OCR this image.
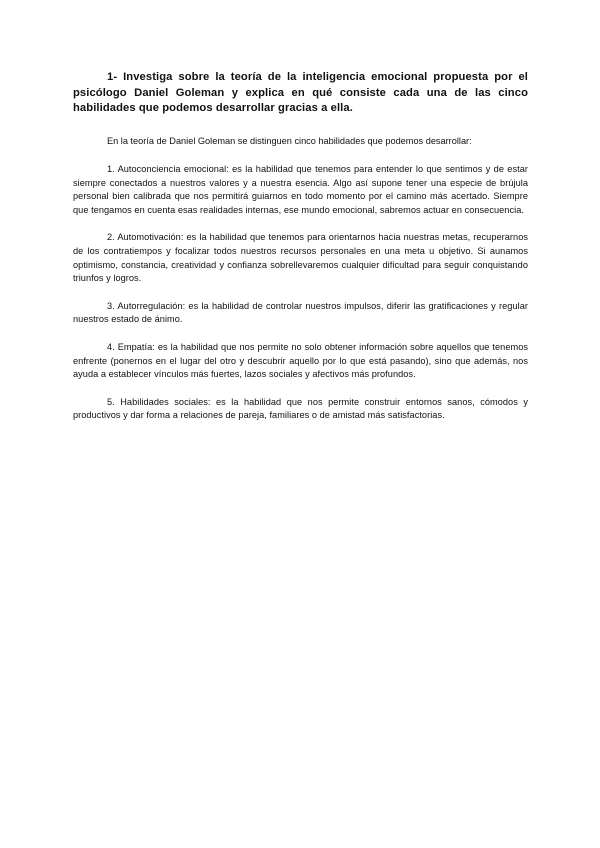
1- Investiga sobre la teoría de la inteligencia emocional propuesta por el psicólogo Daniel Goleman y explica en qué consiste cada una de las cinco habilidades que podemos desarrollar gracias a ella.

En la teoría de Daniel Goleman se distinguen cinco habilidades que podemos desarrollar:

1. Autoconciencia emocional: es la habilidad que tenemos para entender lo que sentimos y de estar siempre conectados a nuestros valores y a nuestra esencia. Algo así supone tener una especie de brújula personal bien calibrada que nos permitirá guiarnos en todo momento por el camino más acertado. Siempre que tengamos en cuenta esas realidades internas, ese mundo emocional, sabremos actuar en consecuencia.

2. Automotivación: es la habilidad que tenemos para orientarnos hacia nuestras metas, recuperarnos de los contratiempos y focalizar todos nuestros recursos personales en una meta u objetivo. Si aunamos optimismo, constancia, creatividad y confianza sobrellevaremos cualquier dificultad para seguir conquistando triunfos y logros.

3. Autorregulación: es la habilidad de controlar nuestros impulsos, diferir las gratificaciones y regular nuestros estado de ánimo.

4. Empatía: es la habilidad que nos permite no solo obtener información sobre aquellos que tenemos enfrente (ponernos en el lugar del otro y descubrir aquello por lo que está pasando), sino que además, nos ayuda a establecer vínculos más fuertes, lazos sociales y afectivos más profundos.

5. Habilidades sociales: es la habilidad que nos permite construir entornos sanos, cómodos y productivos y dar forma a relaciones de pareja, familiares o de amistad más satisfactorias.
